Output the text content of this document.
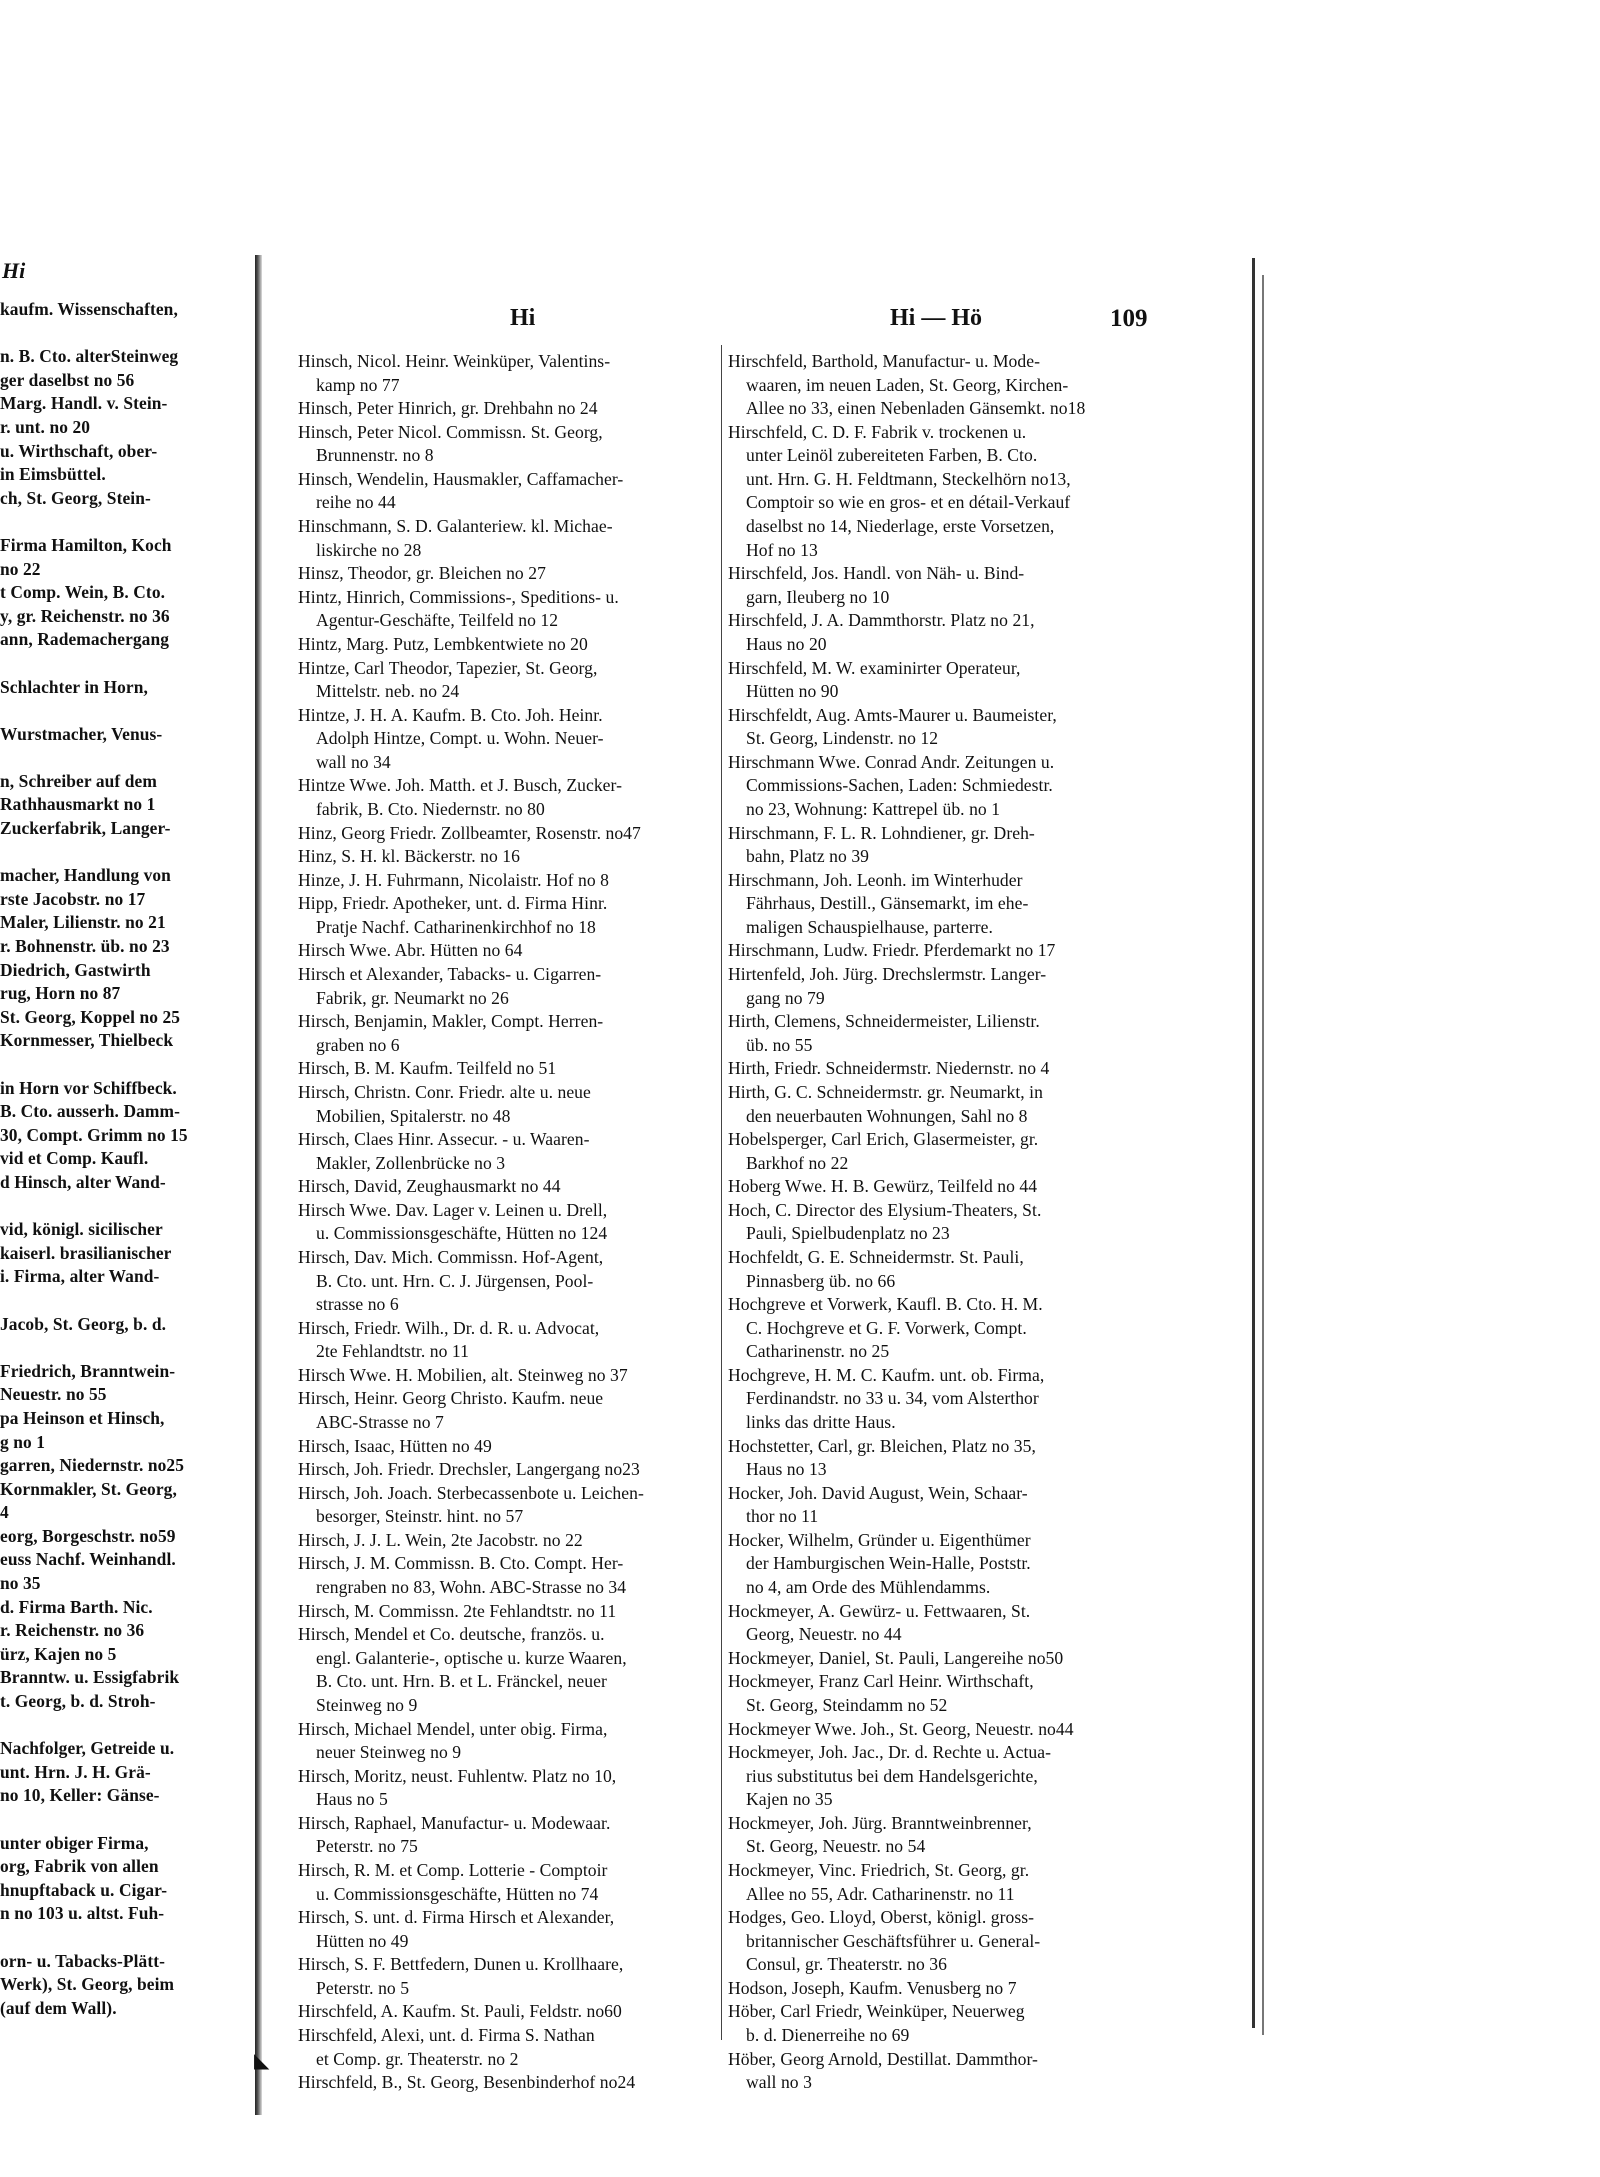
Hi
kaufm. Wissenschaften,
n. B. Cto. alterSteinweg
ger daselbst no 56
Marg. Handl. v. Stein-
r. unt. no 20
u. Wirthschaft, ober-
in Eimsbüttel.
ch, St. Georg, Stein-
Firma Hamilton, Koch
no 22
t Comp. Wein, B. Cto.
y, gr. Reichenstr. no 36
ann, Rademachergang
Schlachter in Horn,
Wurstmacher, Venus-
n, Schreiber auf dem
Rathhausmarkt no 1
Zuckerfabrik, Langer-
macher, Handlung von
rste Jacobstr. no 17
Maler, Lilienstr. no 21
r. Bohnenstr. üb. no 23
Diedrich, Gastwirth
rug, Horn no 87
St. Georg, Koppel no 25
Kornmesser, Thielbeck
in Horn vor Schiffbeck.
B. Cto. ausserh. Damm-
30, Compt. Grimm no 15
vid et Comp. Kaufl.
d Hinsch, alter Wand-
vid, königl. sicilischer
kaiserl. brasilianischer
i. Firma, alter Wand-
Jacob, St. Georg, b. d.
Friedrich, Branntwein-
Neuestr. no 55
pa Heinson et Hinsch,
g no 1
garren, Niedernstr. no25
Kornmakler, St. Georg,
4
eorg, Borgeschstr. no59
euss Nachf. Weinhandl.
no 35
d. Firma Barth. Nic.
r. Reichenstr. no 36
ürz, Kajen no 5
Branntw. u. Essigfabrik
t. Georg, b. d. Stroh-
Nachfolger, Getreide u.
unt. Hrn. J. H. Grä-
no 10, Keller: Gänse-
unter obiger Firma,
org, Fabrik von allen
hnupftaback u. Cigar-
n no 103 u. altst. Fuh-
orn- u. Tabacks-Plätt-
Werk), St. Georg, beim
(auf dem Wall).
Hi	Hi — Hö	109
Hinsch, Nicol. Heinr. Weinküper, Valentins-
kamp no 77
Hinsch, Peter Hinrich, gr. Drehbahn no 24
Hinsch, Peter Nicol. Commissn. St. Georg,
Brunnenstr. no 8
Hinsch, Wendelin, Hausmakler, Caffamacher-
reihe no 44
Hinschmann, S. D. Galanteriew. kl. Michae-
liskirche no 28
Hinsz, Theodor, gr. Bleichen no 27
Hintz, Hinrich, Commissions-, Speditions- u.
Agentur-Geschäfte, Teilfeld no 12
Hintz, Marg. Putz, Lembkentwiete no 20
Hintze, Carl Theodor, Tapezier, St. Georg,
Mittelstr. neb. no 24
Hintze, J. H. A. Kaufm. B. Cto. Joh. Heinr.
Adolph Hintze, Compt. u. Wohn. Neuer-
wall no 34
Hintze Wwe. Joh. Matth. et J. Busch, Zucker-
fabrik, B. Cto. Niedernstr. no 80
Hinz, Georg Friedr. Zollbeamter, Rosenstr. no47
Hinz, S. H. kl. Bäckerstr. no 16
Hinze, J. H. Fuhrmann, Nicolaistr. Hof no 8
Hipp, Friedr. Apotheker, unt. d. Firma Hinr.
Pratje Nachf. Catharinenkirchhof no 18
Hirsch Wwe. Abr. Hütten no 64
Hirsch et Alexander, Tabacks- u. Cigarren-
Fabrik, gr. Neumarkt no 26
Hirsch, Benjamin, Makler, Compt. Herren-
graben no 6
Hirsch, B. M. Kaufm. Teilfeld no 51
Hirsch, Christn. Conr. Friedr. alte u. neue
Mobilien, Spitalerstr. no 48
Hirsch, Claes Hinr. Assecur. - u. Waaren-
Makler, Zollenbrücke no 3
Hirsch, David, Zeughausmarkt no 44
Hirsch Wwe. Dav. Lager v. Leinen u. Drell,
u. Commissionsgeschäfte, Hütten no 124
Hirsch, Dav. Mich. Commissn. Hof-Agent,
B. Cto. unt. Hrn. C. J. Jürgensen, Pool-
strasse no 6
Hirsch, Friedr. Wilh., Dr. d. R. u. Advocat,
2te Fehlandtstr. no 11
Hirsch Wwe. H. Mobilien, alt. Steinweg no 37
Hirsch, Heinr. Georg Christo. Kaufm. neue
ABC-Strasse no 7
Hirsch, Isaac, Hütten no 49
Hirsch, Joh. Friedr. Drechsler, Langergang no23
Hirsch, Joh. Joach. Sterbecassenbote u. Leichen-
besorger, Steinstr. hint. no 57
Hirsch, J. J. L. Wein, 2te Jacobstr. no 22
Hirsch, J. M. Commissn. B. Cto. Compt. Her-
rengraben no 83, Wohn. ABC-Strasse no 34
Hirsch, M. Commissn. 2te Fehlandtstr. no 11
Hirsch, Mendel et Co. deutsche, französ. u.
engl. Galanterie-, optische u. kurze Waaren,
B. Cto. unt. Hrn. B. et L. Fränckel, neuer
Steinweg no 9
Hirsch, Michael Mendel, unter obig. Firma,
neuer Steinweg no 9
Hirsch, Moritz, neust. Fuhlentw. Platz no 10,
Haus no 5
Hirsch, Raphael, Manufactur- u. Modewaar.
Peterstr. no 75
Hirsch, R. M. et Comp. Lotterie - Comptoir
u. Commissionsgeschäfte, Hütten no 74
Hirsch, S. unt. d. Firma Hirsch et Alexander,
Hütten no 49
Hirsch, S. F. Bettfedern, Dunen u. Krollhaare,
Peterstr. no 5
Hirschfeld, A. Kaufm. St. Pauli, Feldstr. no60
Hirschfeld, Alexi, unt. d. Firma S. Nathan
et Comp. gr. Theaterstr. no 2
Hirschfeld, B., St. Georg, Besenbinderhof no24
Hirschfeld, Barthold, Manufactur- u. Mode-
waaren, im neuen Laden, St. Georg, Kirchen-
Allee no 33, einen Nebenladen Gänsemkt. no18
Hirschfeld, C. D. F. Fabrik v. trockenen u.
unter Leinöl zubereiteten Farben, B. Cto.
unt. Hrn. G. H. Feldtmann, Steckelhörn no13,
Comptoir so wie en gros- et en détail-Verkauf
daselbst no 14, Niederlage, erste Vorsetzen,
Hof no 13
Hirschfeld, Jos. Handl. von Näh- u. Bind-
garn, Ileuberg no 10
Hirschfeld, J. A. Dammthorstr. Platz no 21,
Haus no 20
Hirschfeld, M. W. examinirter Operateur,
Hütten no 90
Hirschfeldt, Aug. Amts-Maurer u. Baumeister,
St. Georg, Lindenstr. no 12
Hirschmann Wwe. Conrad Andr. Zeitungen u.
Commissions-Sachen, Laden: Schmiedestr.
no 23, Wohnung: Kattrepel üb. no 1
Hirschmann, F. L. R. Lohndiener, gr. Dreh-
bahn, Platz no 39
Hirschmann, Joh. Leonh. im Winterhuder
Fährhaus, Destill., Gänsemarkt, im ehe-
maligen Schauspielhause, parterre.
Hirschmann, Ludw. Friedr. Pferdemarkt no 17
Hirtenfeld, Joh. Jürg. Drechslermstr. Langer-
gang no 79
Hirth, Clemens, Schneidermeister, Lilienstr.
üb. no 55
Hirth, Friedr. Schneidermstr. Niedernstr. no 4
Hirth, G. C. Schneidermstr. gr. Neumarkt, in
den neuerbauten Wohnungen, Sahl no 8
Hobelsperger, Carl Erich, Glasermeister, gr.
Barkhof no 22
Hoberg Wwe. H. B. Gewürz, Teilfeld no 44
Hoch, C. Director des Elysium-Theaters, St.
Pauli, Spielbudenplatz no 23
Hochfeldt, G. E. Schneidermstr. St. Pauli,
Pinnasberg üb. no 66
Hochgreve et Vorwerk, Kaufl. B. Cto. H. M.
C. Hochgreve et G. F. Vorwerk, Compt.
Catharinenstr. no 25
Hochgreve, H. M. C. Kaufm. unt. ob. Firma,
Ferdinandstr. no 33 u. 34, vom Alsterthor
links das dritte Haus.
Hochstetter, Carl, gr. Bleichen, Platz no 35,
Haus no 13
Hocker, Joh. David August, Wein, Schaar-
thor no 11
Hocker, Wilhelm, Gründer u. Eigenthümer
der Hamburgischen Wein-Halle, Poststr.
no 4, am Orde des Mühlendamms.
Hockmeyer, A. Gewürz- u. Fettwaaren, St.
Georg, Neuestr. no 44
Hockmeyer, Daniel, St. Pauli, Langereihe no50
Hockmeyer, Franz Carl Heinr. Wirthschaft,
St. Georg, Steindamm no 52
Hockmeyer Wwe. Joh., St. Georg, Neuestr. no44
Hockmeyer, Joh. Jac., Dr. d. Rechte u. Actua-
rius substitutus bei dem Handelsgerichte,
Kajen no 35
Hockmeyer, Joh. Jürg. Branntweinbrenner,
St. Georg, Neuestr. no 54
Hockmeyer, Vinc. Friedrich, St. Georg, gr.
Allee no 55, Adr. Catharinenstr. no 11
Hodges, Geo. Lloyd, Oberst, königl. gross-
britannischer Geschäftsführer u. General-
Consul, gr. Theaterstr. no 36
Hodson, Joseph, Kaufm. Venusberg no 7
Höber, Carl Friedr, Weinküper, Neuerweg
b. d. Dienerreihe no 69
Höber, Georg Arnold, Destillat. Dammthor-
wall no 3
◣
